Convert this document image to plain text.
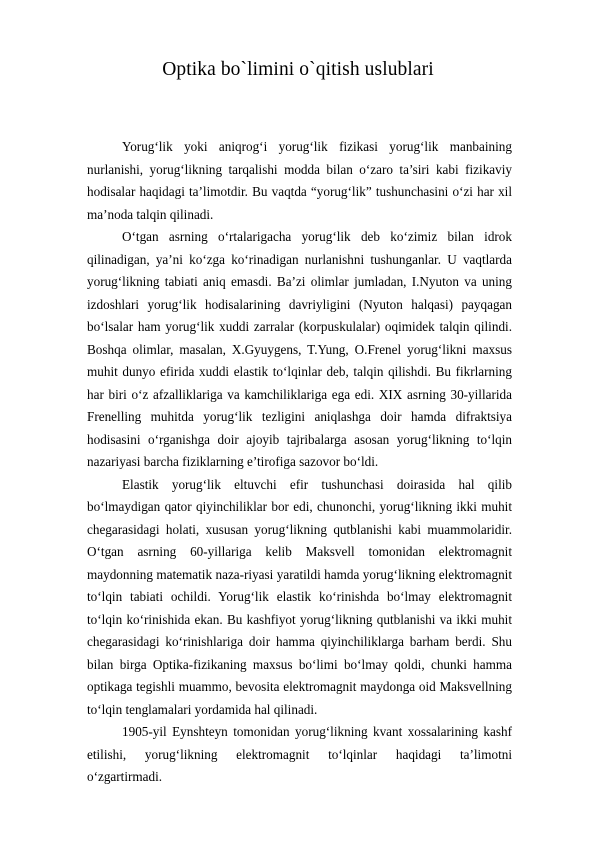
Optika bo`limini o`qitish uslublari

Yorug‘lik yoki aniqrog‘i yorug‘lik fizikasi yorug‘lik manbaining nurlanishi, yorug‘likning tarqalishi modda bilan o‘zaro ta’siri kabi fizikaviy hodisalar haqidagi ta’limotdir. Bu vaqtda “yorug‘lik” tushunchasini o‘zi har xil ma’noda talqin qilinadi.

O‘tgan asrning o‘rtalarigacha yorug‘lik deb ko‘zimiz bilan idrok qilinadigan, ya’ni ko‘zga ko‘rinadigan nurlanishni tushunganlar. U vaqtlarda yorug‘likning tabiati aniq emasdi. Ba’zi olimlar jumladan, I.Nyuton va uning izdoshlari yorug‘lik hodisalarining davriyligini (Nyuton halqasi) payqagan bo‘lsalar ham yorug‘lik xuddi zarralar (korpuskulalar) oqimidek talqin qilindi. Boshqa olimlar, masalan, X.Gyuygens, T.Yung, O.Frenel yorug‘likni maxsus muhit dunyo efirida xuddi elastik to‘lqinlar deb, talqin qilishdi. Bu fikrlarning har biri o‘z afzalliklariga va kamchiliklariga ega edi. XIX asrning 30-yillarida Frenelling muhitda yorug‘lik tezligini aniqlashga doir hamda difraktsiya hodisasini o‘rganishga doir ajoyib tajribalarga asosan yorug‘likning to‘lqin nazariyasi barcha fiziklarning e’tirofiga sazovor bo‘ldi.

Elastik yorug‘lik eltuvchi efir tushunchasi doirasida hal qilib bo‘lmaydigan qator qiyinchiliklar bor edi, chunonchi, yorug‘likning ikki muhit chegarasidagi holati, xususan yorug‘likning qutblanishi kabi muammolaridir. O‘tgan asrning 60-yillariga kelib Maksvell tomonidan elektromagnit maydonning matematik naza-riyasi yaratildi hamda yorug‘likning elektromagnit to‘lqin tabiati ochildi. Yorug‘lik elastik ko‘rinishda bo‘lmay elektromagnit to‘lqin ko‘rinishida ekan. Bu kashfiyot yorug‘likning qutblanishi va ikki muhit chegarasidagi ko‘rinishlariga doir hamma qiyinchiliklarga barham berdi. Shu bilan birga Optika-fizikaning maxsus bo‘limi bo‘lmay qoldi, chunki hamma optikaga tegishli muammo, bevosita elektromagnit maydonga oid Maksvellning to‘lqin tenglamalari yordamida hal qilinadi.

1905-yil Eynshteyn tomonidan yorug‘likning kvant xossalarining kashf etilishi, yorug‘likning elektromagnit to‘lqinlar haqidagi ta’limotni o‘zgartirmadi.
